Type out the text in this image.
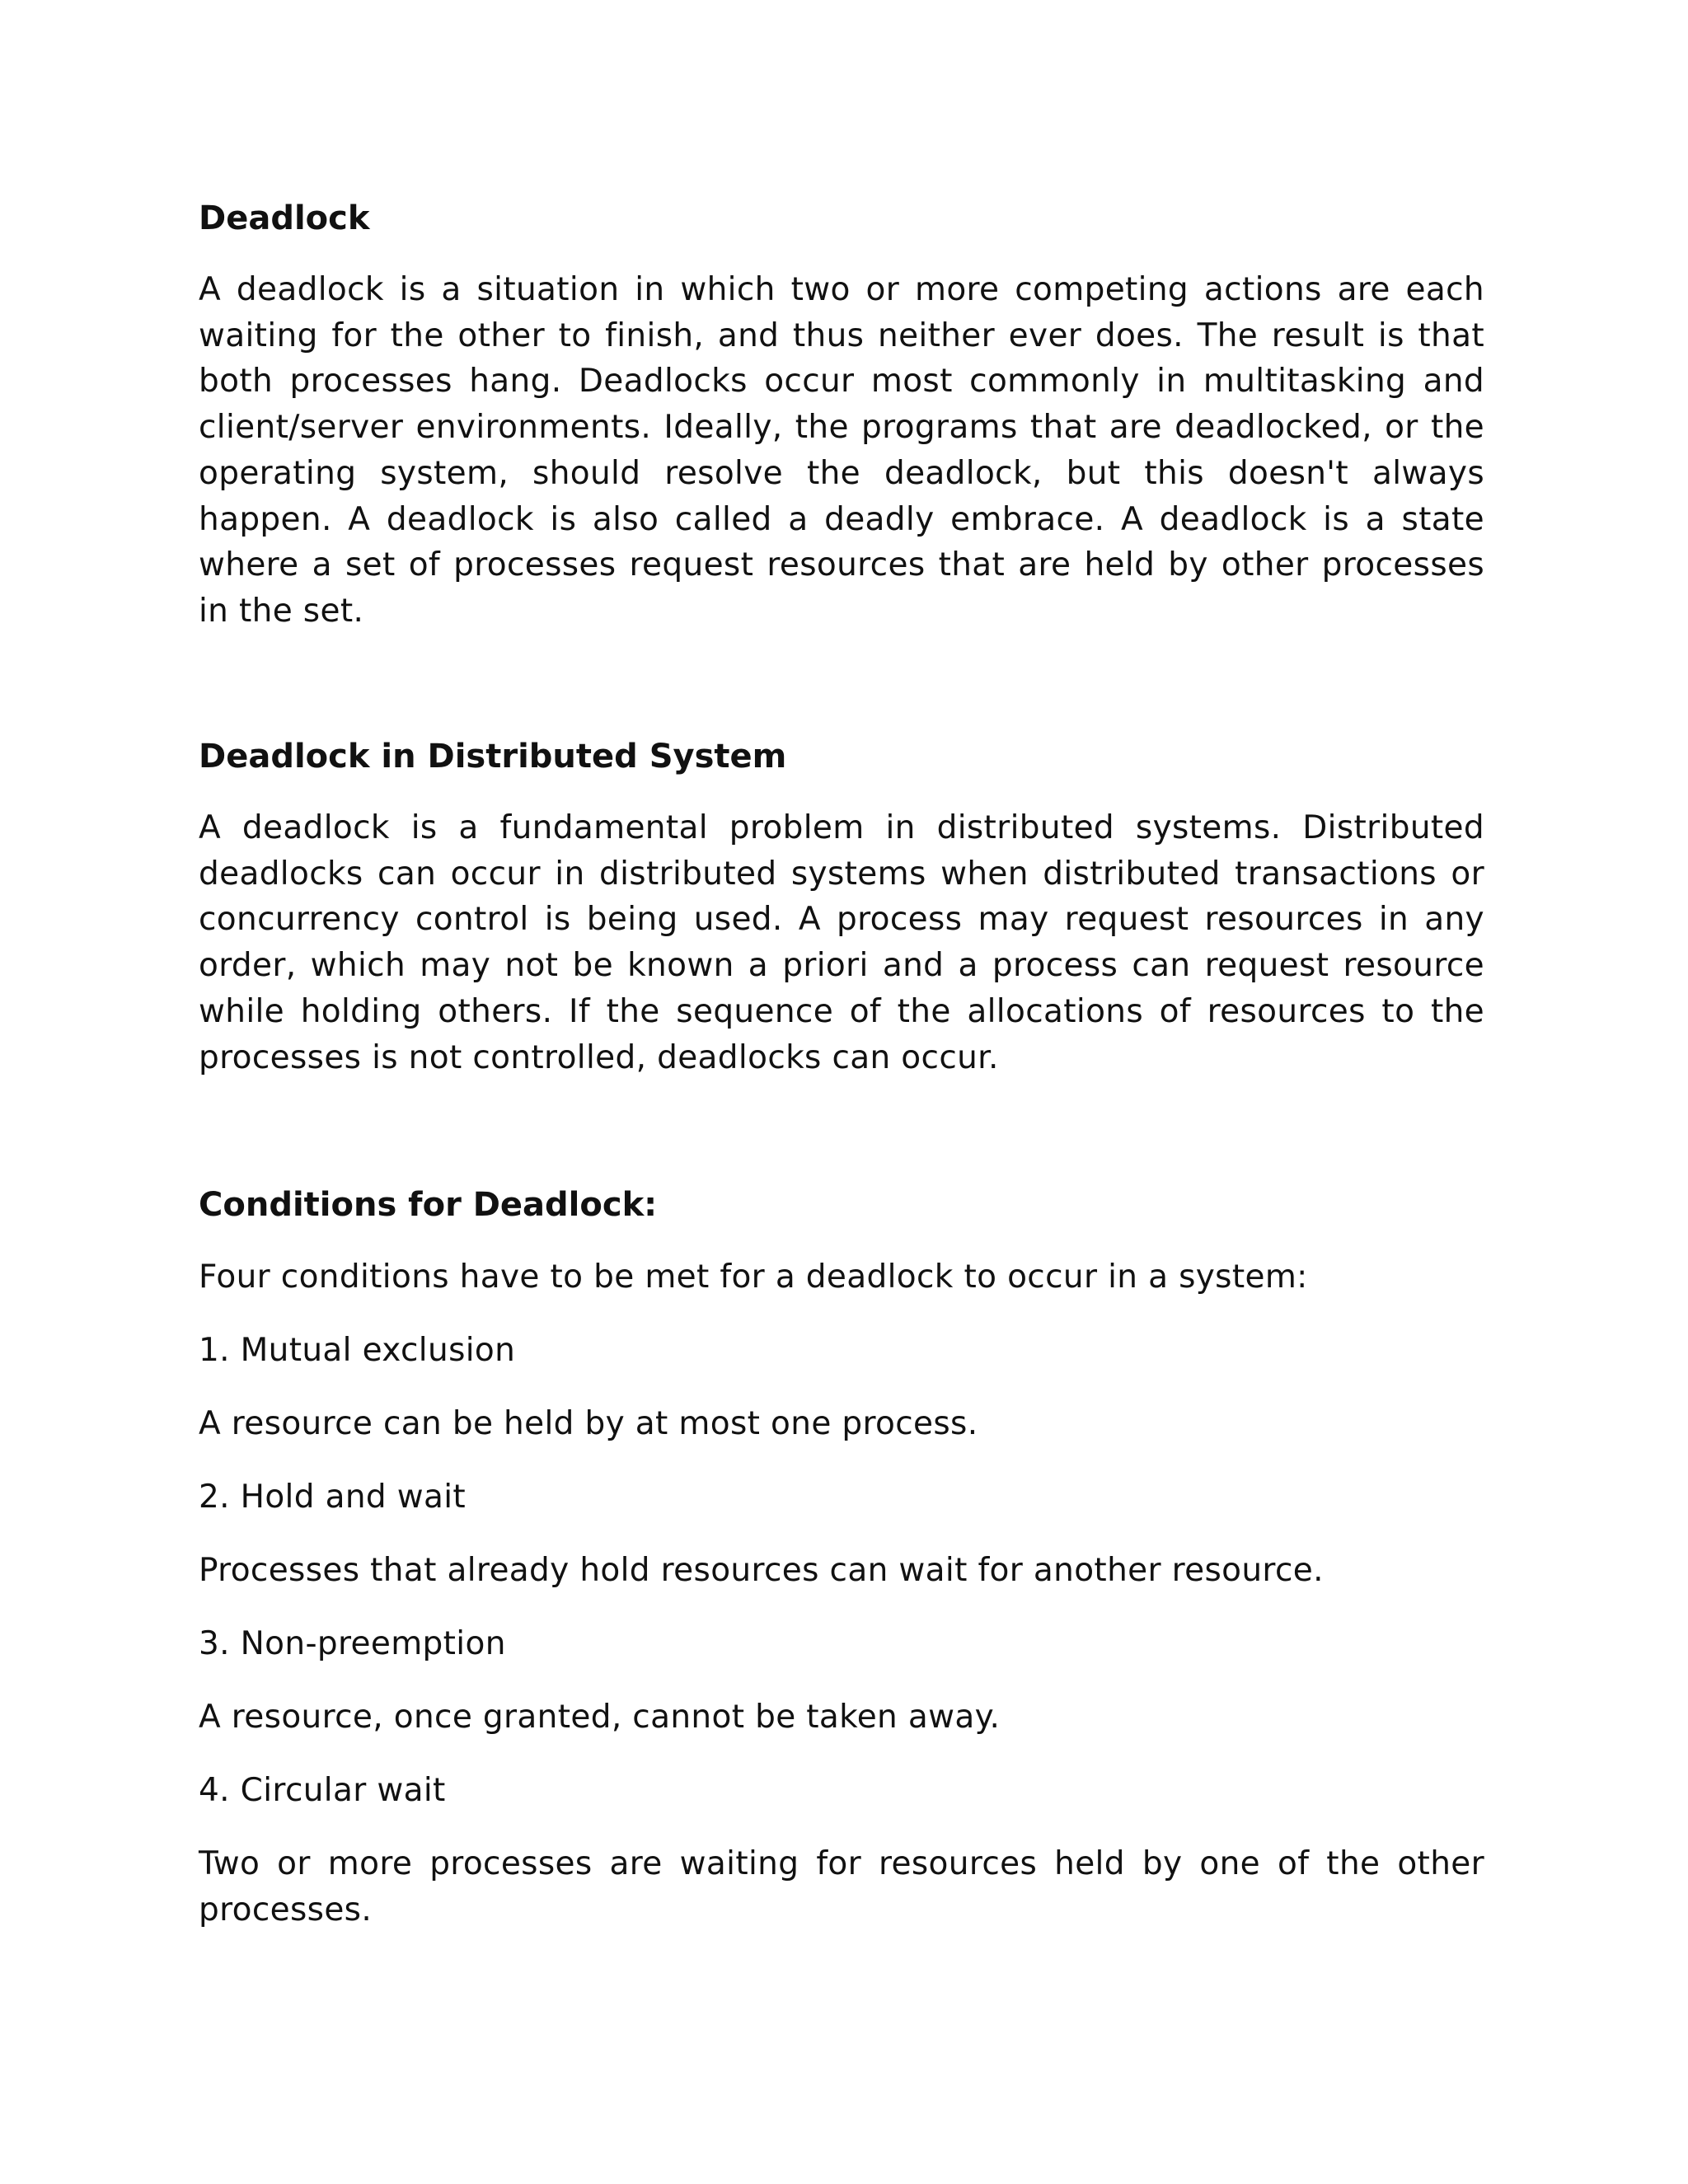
Deadlock

A deadlock is a situation in which two or more competing actions are each waiting for the other to finish, and thus neither ever does. The result is that both processes hang. Deadlocks occur most commonly in multitasking and client/server environments. Ideally, the programs that are deadlocked, or the operating system, should resolve the deadlock, but this doesn't always happen. A deadlock is also called a deadly embrace. A deadlock is a state where a set of processes request resources that are held by other processes in the set.

Deadlock in Distributed System

A deadlock is a fundamental problem in distributed systems. Distributed deadlocks can occur in distributed systems when distributed transactions or concurrency control is being used. A process may request resources in any order, which may not be known a priori and a process can request resource while holding others. If the sequence of the allocations of resources to the processes is not controlled, deadlocks can occur.

Conditions for Deadlock:

Four conditions have to be met for a deadlock to occur in a system:

1. Mutual exclusion

A resource can be held by at most one process.

2. Hold and wait

Processes that already hold resources can wait for another resource.

3. Non-preemption

A resource, once granted, cannot be taken away.

4. Circular wait

Two or more processes are waiting for resources held by one of the other processes.
